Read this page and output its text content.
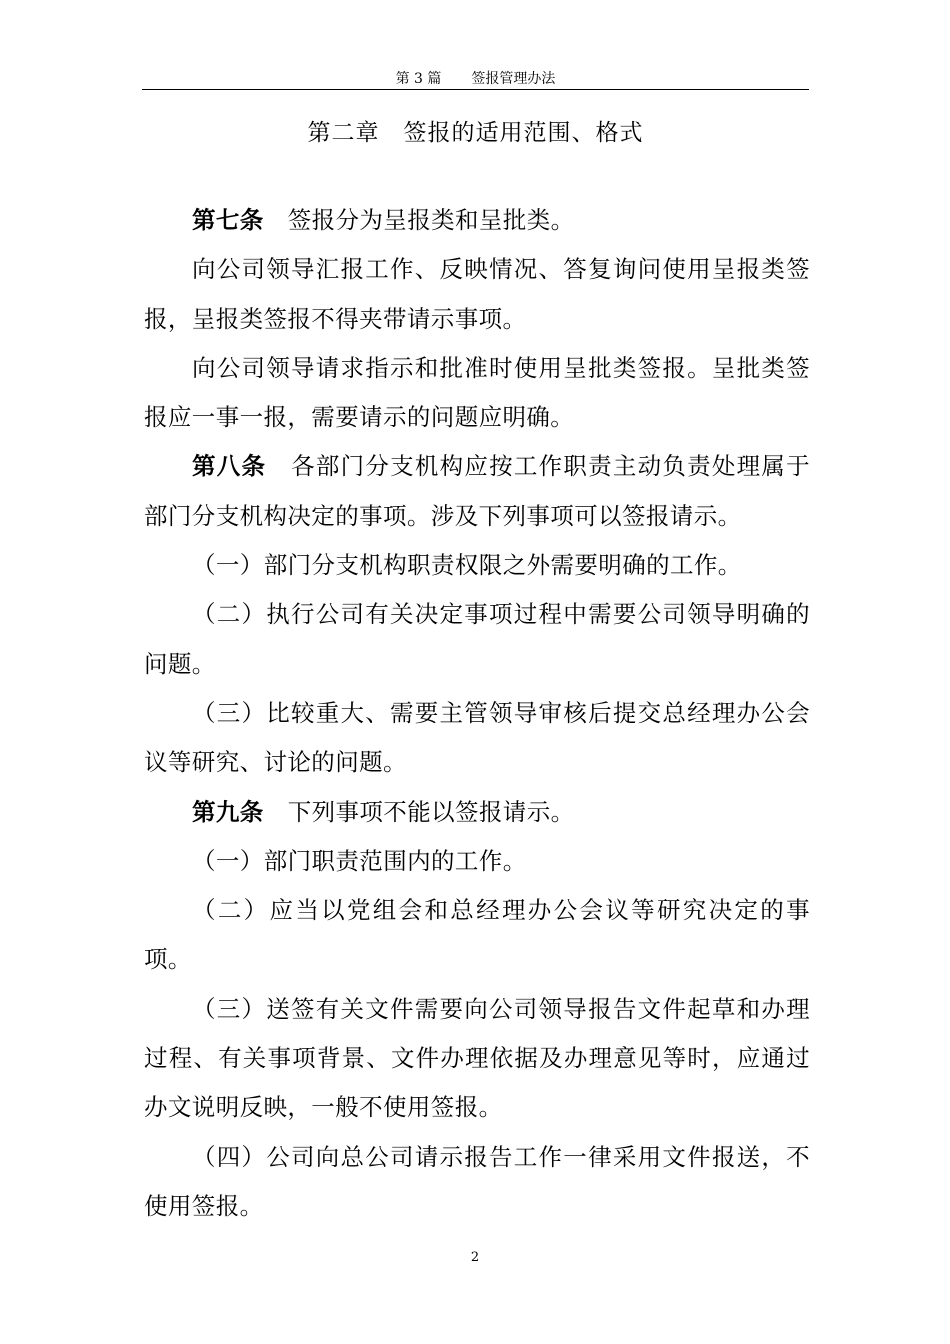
第 3 篇 签报管理办法
第二章 签报的适用范围、格式

第七条 签报分为呈报类和呈批类。

向公司领导汇报工作、反映情况、答复询问使用呈报类签报，呈报类签报不得夹带请示事项。

向公司领导请求指示和批准时使用呈批类签报。呈批类签报应一事一报，需要请示的问题应明确。

第八条 各部门分支机构应按工作职责主动负责处理属于部门分支机构决定的事项。涉及下列事项可以签报请示。

（一）部门分支机构职责权限之外需要明确的工作。

（二）执行公司有关决定事项过程中需要公司领导明确的问题。

（三）比较重大、需要主管领导审核后提交总经理办公会议等研究、讨论的问题。

第九条 下列事项不能以签报请示。

（一）部门职责范围内的工作。

（二）应当以党组会和总经理办公会议等研究决定的事项。

（三）送签有关文件需要向公司领导报告文件起草和办理过程、有关事项背景、文件办理依据及办理意见等时，应通过办文说明反映，一般不使用签报。

（四）公司向总公司请示报告工作一律采用文件报送，不使用签报。

2
